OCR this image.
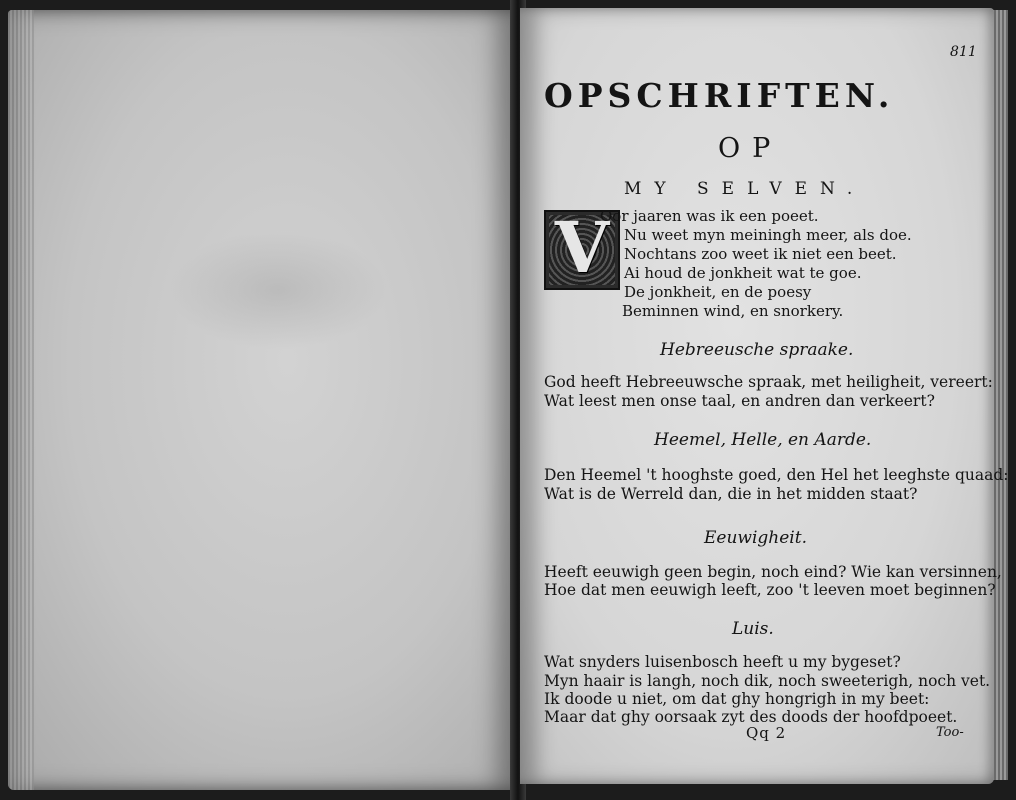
811
OPSCHRIFTEN.
OP
MY SELVEN.
V
Oor jaaren was ik een poeet.
Nu weet myn meiningh meer, als doe.
Nochtans zoo weet ik niet een beet.
Ai houd de jonkheit wat te goe.
De jonkheit, en de poesy
Beminnen wind, en snorkery.
Hebreeusche spraake.
God heeft Hebreeuwsche spraak, met heiligheit, vereert:
Wat leest men onse taal, en andren dan verkeert?
Heemel, Helle, en Aarde.
Den Heemel 't hooghste goed, den Hel het leeghste quaad:
Wat is de Werreld dan, die in het midden staat?
Eeuwigheit.
Heeft eeuwigh geen begin, noch eind? Wie kan versinnen,
Hoe dat men eeuwigh leeft, zoo 't leeven moet beginnen?
Luis.
Wat snyders luisenbosch heeft u my bygeset?
Myn haair is langh, noch dik, noch sweeterigh, noch vet.
Ik doode u niet, om dat ghy hongrigh in my beet:
Maar dat ghy oorsaak zyt des doods der hoofdpoeet.
Qq 2	Too-
